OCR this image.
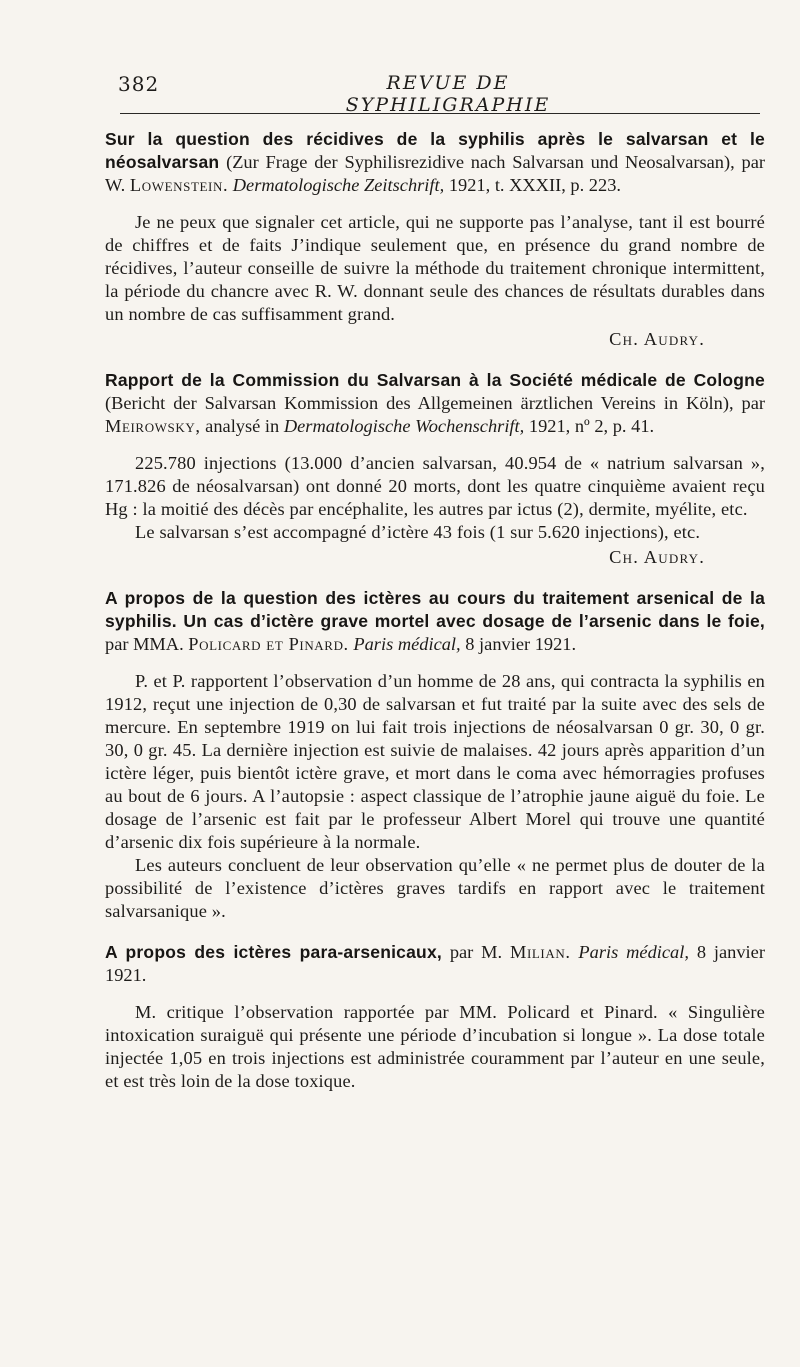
382	REVUE DE SYPHILIGRAPHIE

Sur la question des récidives de la syphilis après le salvarsan et le néosalvarsan (Zur Frage der Syphilisrezidive nach Salvarsan und Neosalvarsan), par W. Lowenstein. Dermatologische Zeitschrift, 1921, t. XXXII, p. 223.

Je ne peux que signaler cet article, qui ne supporte pas l’analyse, tant il est bourré de chiffres et de faits J’indique seulement que, en présence du grand nombre de récidives, l’auteur conseille de suivre la méthode du traitement chronique intermittent, la période du chancre avec R. W. donnant seule des chances de résultats durables dans un nombre de cas suffisamment grand.

Ch. Audry.

Rapport de la Commission du Salvarsan à la Société médicale de Cologne (Bericht der Salvarsan Kommission des Allgemeinen ärztlichen Vereins in Köln), par Meirowsky, analysé in Dermatologische Wochenschrift, 1921, nº 2, p. 41.

225.780 injections (13.000 d’ancien salvarsan, 40.954 de « natrium salvarsan », 171.826 de néosalvarsan) ont donné 20 morts, dont les quatre cinquième avaient reçu Hg : la moitié des décès par encéphalite, les autres par ictus (2), dermite, myélite, etc.

Le salvarsan s’est accompagné d’ictère 43 fois (1 sur 5.620 injections), etc.

Ch. Audry.

A propos de la question des ictères au cours du traitement arsenical de la syphilis. Un cas d’ictère grave mortel avec dosage de l’arsenic dans le foie, par MMA. Policard et Pinard. Paris médical, 8 janvier 1921.

P. et P. rapportent l’observation d’un homme de 28 ans, qui contracta la syphilis en 1912, reçut une injection de 0,30 de salvarsan et fut traité par la suite avec des sels de mercure. En septembre 1919 on lui fait trois injections de néosalvarsan 0 gr. 30, 0 gr. 30, 0 gr. 45. La dernière injection est suivie de malaises. 42 jours après apparition d’un ictère léger, puis bientôt ictère grave, et mort dans le coma avec hémorragies profuses au bout de 6 jours. A l’autopsie : aspect classique de l’atrophie jaune aiguë du foie. Le dosage de l’arsenic est fait par le professeur Albert Morel qui trouve une quantité d’arsenic dix fois supérieure à la normale.

Les auteurs concluent de leur observation qu’elle « ne permet plus de douter de la possibilité de l’existence d’ictères graves tardifs en rapport avec le traitement salvarsanique ».

A propos des ictères para-arsenicaux, par M. Milian. Paris médical, 8 janvier 1921.

M. critique l’observation rapportée par MM. Policard et Pinard. « Singulière intoxication suraiguë qui présente une période d’incubation si longue ». La dose totale injectée 1,05 en trois injections est administrée couramment par l’auteur en une seule, et est très loin de la dose toxique.
